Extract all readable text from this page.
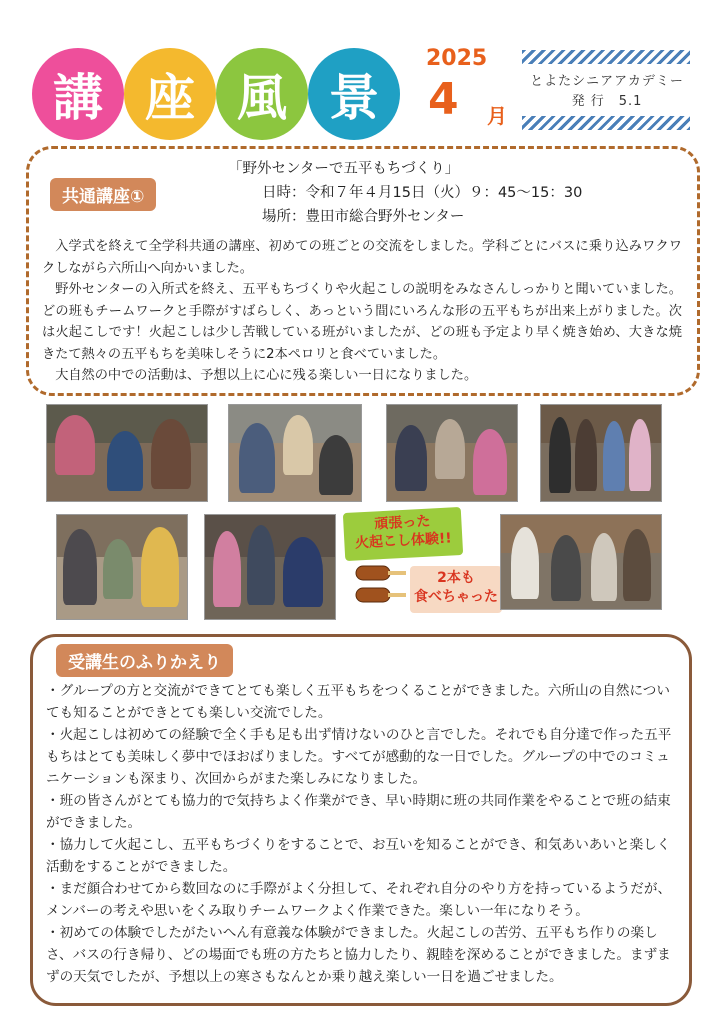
講 座 風 景
2025
4 月
とよたシニアアカデミー
発 行　5.1
共通講座①
「野外センターで五平もちづくり」
日時：令和７年４月15日（火）９：45～15：30
場所：豊田市総合野外センター

入学式を終えて全学科共通の講座、初めての班ごとの交流をしました。学科ごとにバスに乗り込みワクワクしながら六所山へ向かいました。

野外センターの入所式を終え、五平もちづくりや火起こしの説明をみなさんしっかりと聞いていました。どの班もチームワークと手際がすばらしく、あっという間にいろんな形の五平もちが出来上がりました。次は火起こしです！火起こしは少し苦戦している班がいましたが、どの班も予定より早く焼き始め、大きな焼きたて熱々の五平もちを美味しそうに2本ペロリと食べていました。

大自然の中での活動は、予想以上に心に残る楽しい一日になりました。

頑張った
火起こし体験!!
2本も
食べちゃった
受講生のふりかえり
・グループの方と交流ができてとても楽しく五平もちをつくることができました。六所山の自然についても知ることができとても楽しい交流でした。
・火起こしは初めての経験で全く手も足も出ず情けないのひと言でした。それでも自分達で作った五平もちはとても美味しく夢中でほおばりました。すべてが感動的な一日でした。グループの中でのコミュニケーションも深まり、次回からがまた楽しみになりました。
・班の皆さんがとても協力的で気持ちよく作業ができ、早い時期に班の共同作業をやることで班の結束ができました。
・協力して火起こし、五平もちづくりをすることで、お互いを知ることができ、和気あいあいと楽しく活動をすることができました。
・まだ顔合わせてから数回なのに手際がよく分担して、それぞれ自分のやり方を持っているようだが、メンバーの考えや思いをくみ取りチームワークよく作業できた。楽しい一年になりそう。
・初めての体験でしたがたいへん有意義な体験ができました。火起こしの苦労、五平もち作りの楽しさ、バスの行き帰り、どの場面でも班の方たちと協力したり、親睦を深めることができました。まずまずの天気でしたが、予想以上の寒さもなんとか乗り越え楽しい一日を過ごせました。
